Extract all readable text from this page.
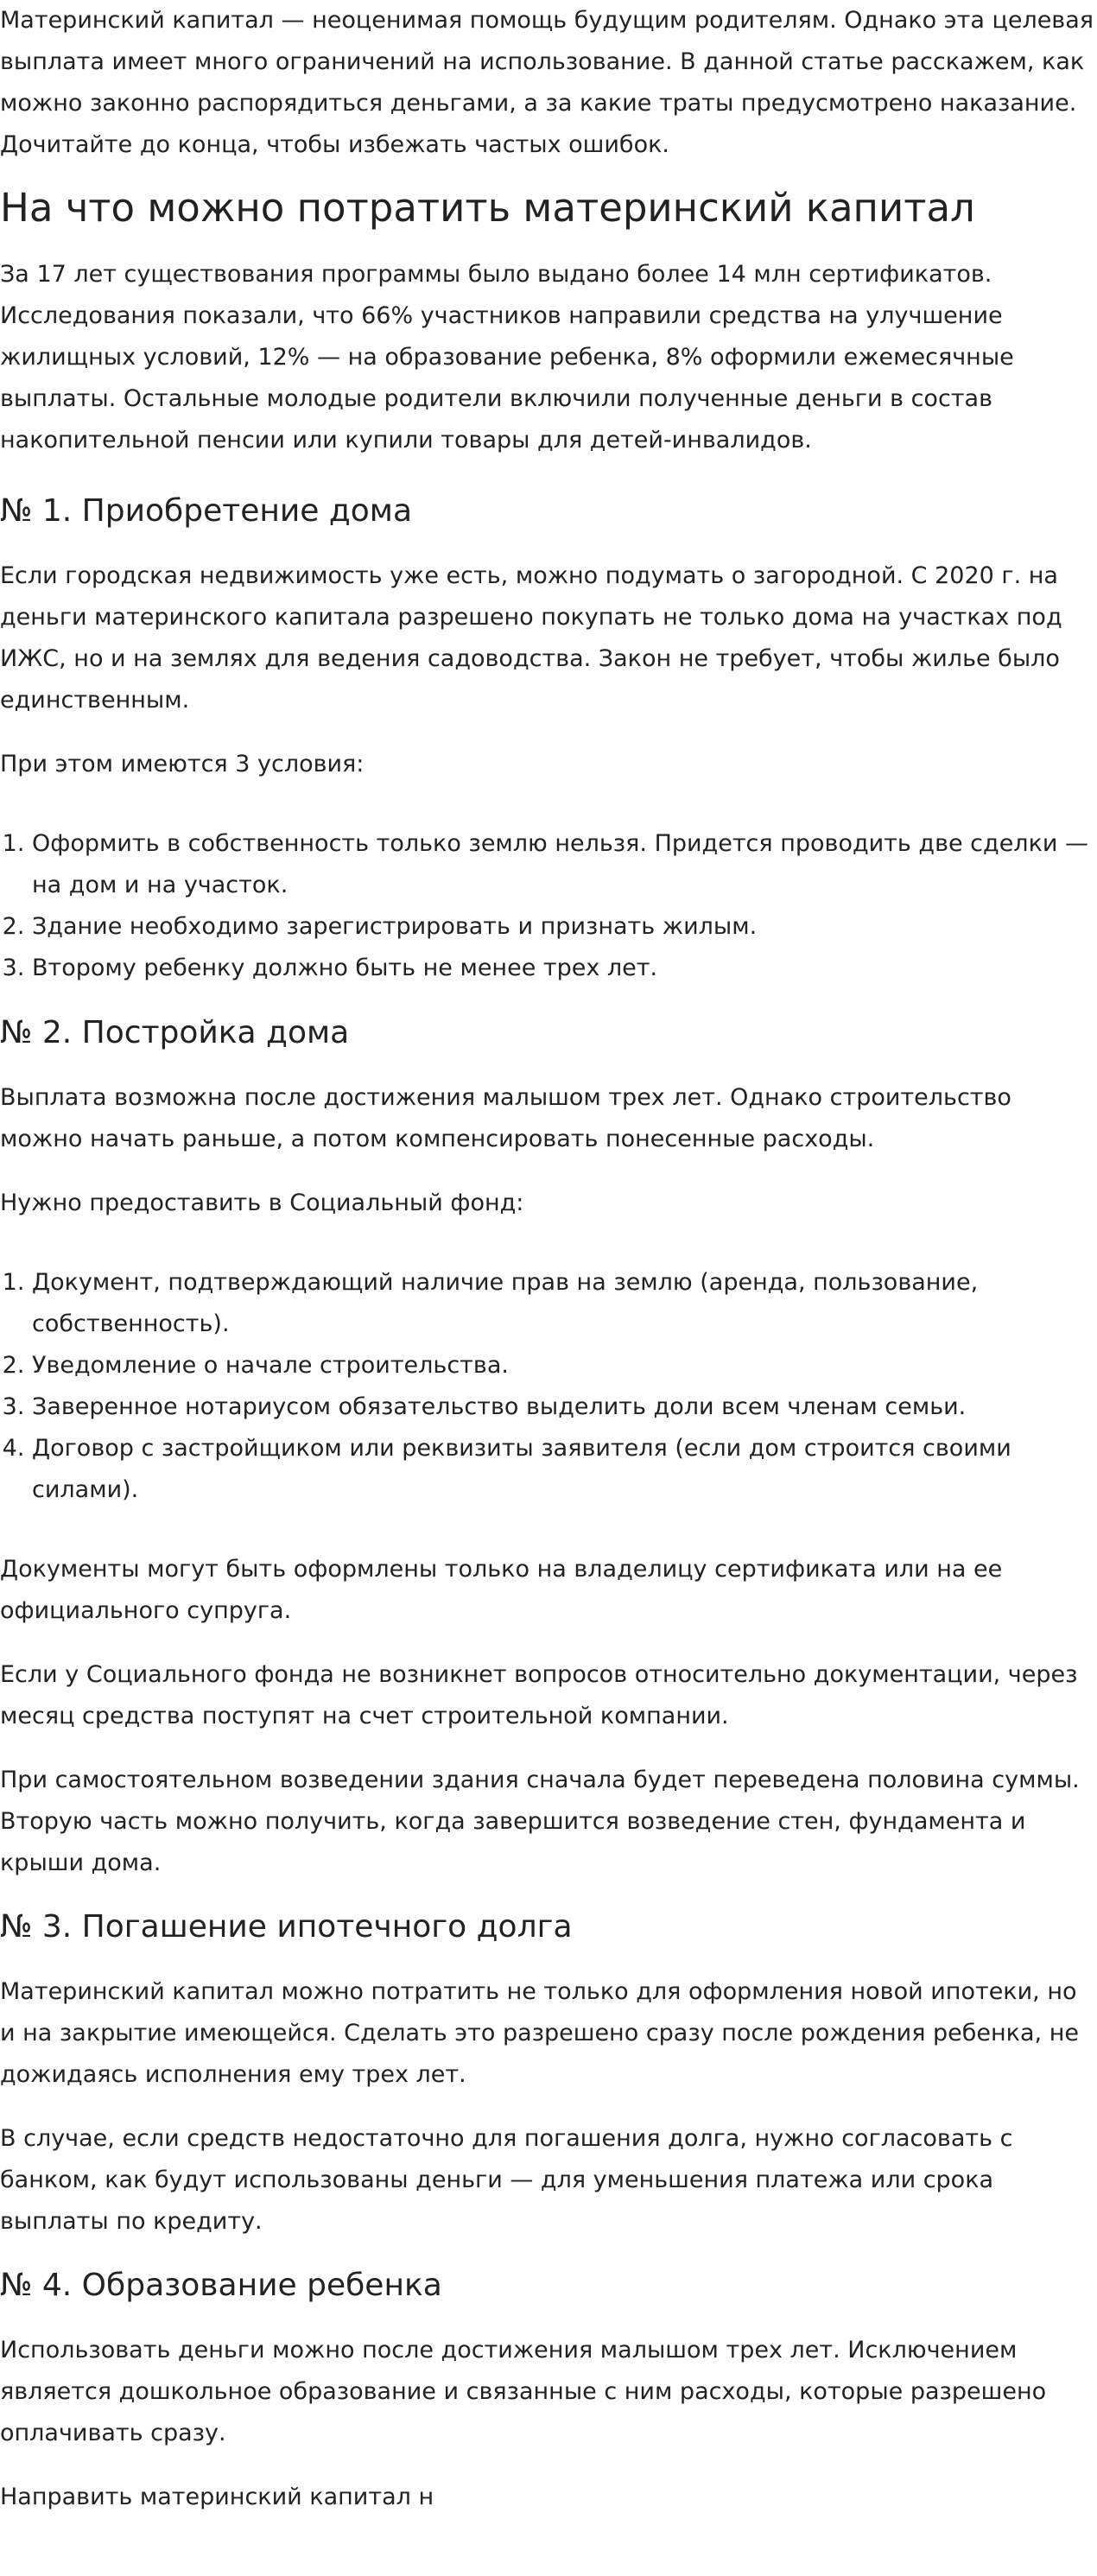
Материнский капитал — неоценимая помощь будущим родителям. Однако эта целевая выплата имеет много ограничений на использование. В данной статье расскажем, как можно законно распорядиться деньгами, а за какие траты предусмотрено наказание. Дочитайте до конца, чтобы избежать частых ошибок.

На что можно потратить материнский капитал

За 17 лет существования программы было выдано более 14 млн сертификатов. Исследования показали, что 66% участников направили средства на улучшение жилищных условий, 12% — на образование ребенка, 8% оформили ежемесячные выплаты. Остальные молодые родители включили полученные деньги в состав накопительной пенсии или купили товары для детей-инвалидов.

№ 1. Приобретение дома

Если городская недвижимость уже есть, можно подумать о загородной. С 2020 г. на деньги материнского капитала разрешено покупать не только дома на участках под ИЖС, но и на землях для ведения садоводства. Закон не требует, чтобы жилье было единственным.

При этом имеются 3 условия:

1. Оформить в собственность только землю нельзя. Придется проводить две сделки — на дом и на участок.
2. Здание необходимо зарегистрировать и признать жилым.
3. Второму ребенку должно быть не менее трех лет.
№ 2. Постройка дома

Выплата возможна после достижения малышом трех лет. Однако строительство можно начать раньше, а потом компенсировать понесенные расходы.

Нужно предоставить в Социальный фонд:

1. Документ, подтверждающий наличие прав на землю (аренда, пользование, собственность).
2. Уведомление о начале строительства.
3. Заверенное нотариусом обязательство выделить доли всем членам семьи.
4. Договор с застройщиком или реквизиты заявителя (если дом строится своими силами).

Документы могут быть оформлены только на владелицу сертификата или на ее официального супруга.

Если у Социального фонда не возникнет вопросов относительно документации, через месяц средства поступят на счет строительной компании.

При самостоятельном возведении здания сначала будет переведена половина суммы. Вторую часть можно получить, когда завершится возведение стен, фундамента и крыши дома.

№ 3. Погашение ипотечного долга

Материнский капитал можно потратить не только для оформления новой ипотеки, но и на закрытие имеющейся. Сделать это разрешено сразу после рождения ребенка, не дожидаясь исполнения ему трех лет.

В случае, если средств недостаточно для погашения долга, нужно согласовать с банком, как будут использованы деньги — для уменьшения платежа или срока выплаты по кредиту.

№ 4. Образование ребенка

Использовать деньги можно после достижения малышом трех лет. Исключением является дошкольное образование и связанные с ним расходы, которые разрешено оплачивать сразу.

Направить материнский капитал н
